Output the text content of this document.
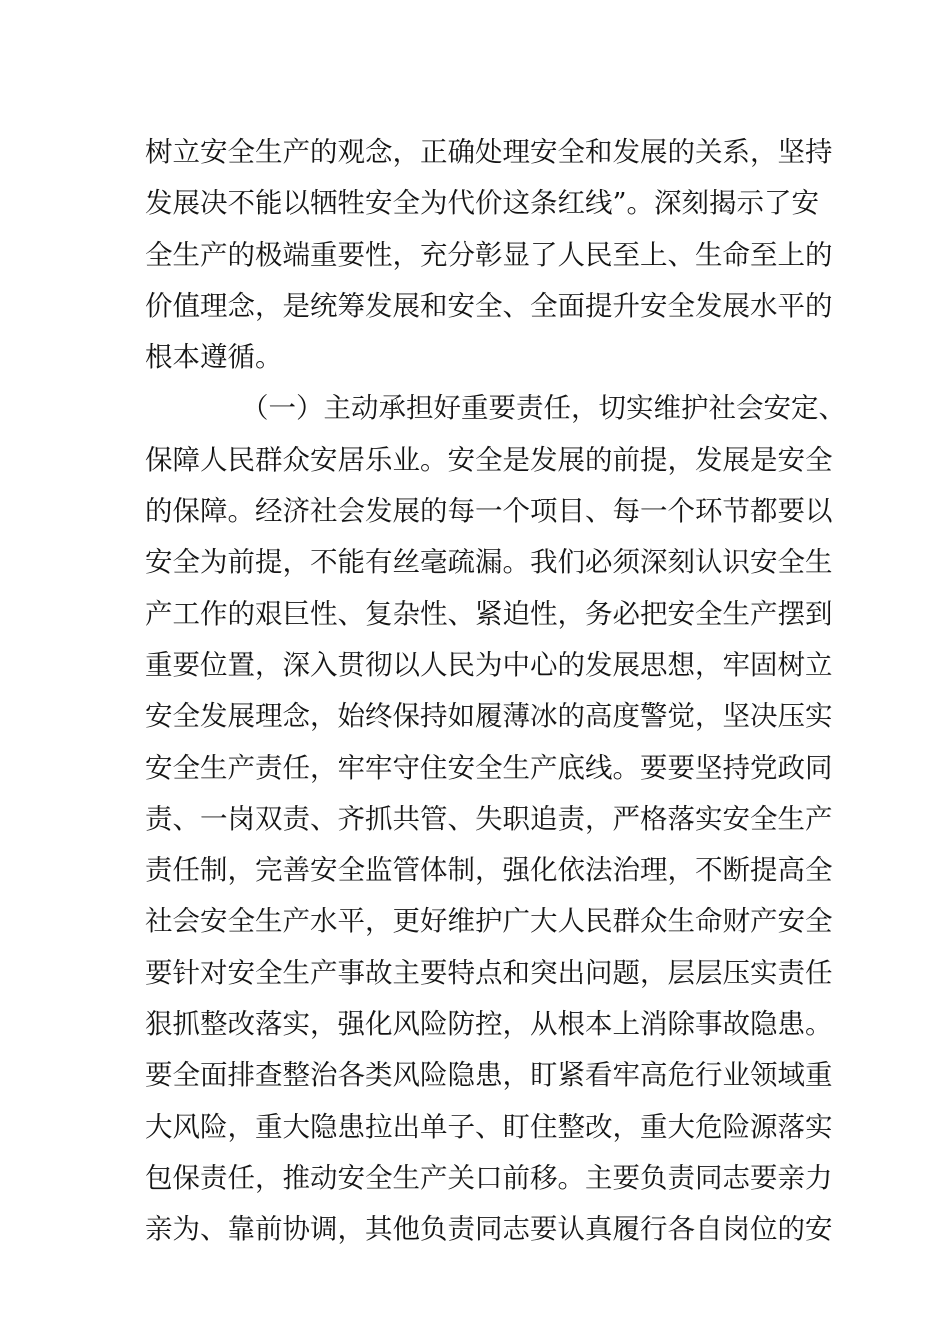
树立安全生产的观念，正确处理安全和发展的关系，坚持
发展决不能以牺牲安全为代价这条红线”。深刻揭示了安
全生产的极端重要性，充分彰显了人民至上、生命至上的
价值理念，是统筹发展和安全、全面提升安全发展水平的
根本遵循。
（一）主动承担好重要责任，切实维护社会安定、
保障人民群众安居乐业。安全是发展的前提，发展是安全
的保障。经济社会发展的每一个项目、每一个环节都要以
安全为前提，不能有丝毫疏漏。我们必须深刻认识安全生
产工作的艰巨性、复杂性、紧迫性，务必把安全生产摆到
重要位置，深入贯彻以人民为中心的发展思想，牢固树立
安全发展理念，始终保持如履薄冰的高度警觉，坚决压实
安全生产责任，牢牢守住安全生产底线。要要坚持党政同
责、一岗双责、齐抓共管、失职追责，严格落实安全生产
责任制，完善安全监管体制，强化依法治理，不断提高全
社会安全生产水平，更好维护广大人民群众生命财产安全
要针对安全生产事故主要特点和突出问题，层层压实责任
狠抓整改落实，强化风险防控，从根本上消除事故隐患。
要全面排查整治各类风险隐患，盯紧看牢高危行业领域重
大风险，重大隐患拉出单子、盯住整改，重大危险源落实
包保责任，推动安全生产关口前移。主要负责同志要亲力
亲为、靠前协调，其他负责同志要认真履行各自岗位的安
